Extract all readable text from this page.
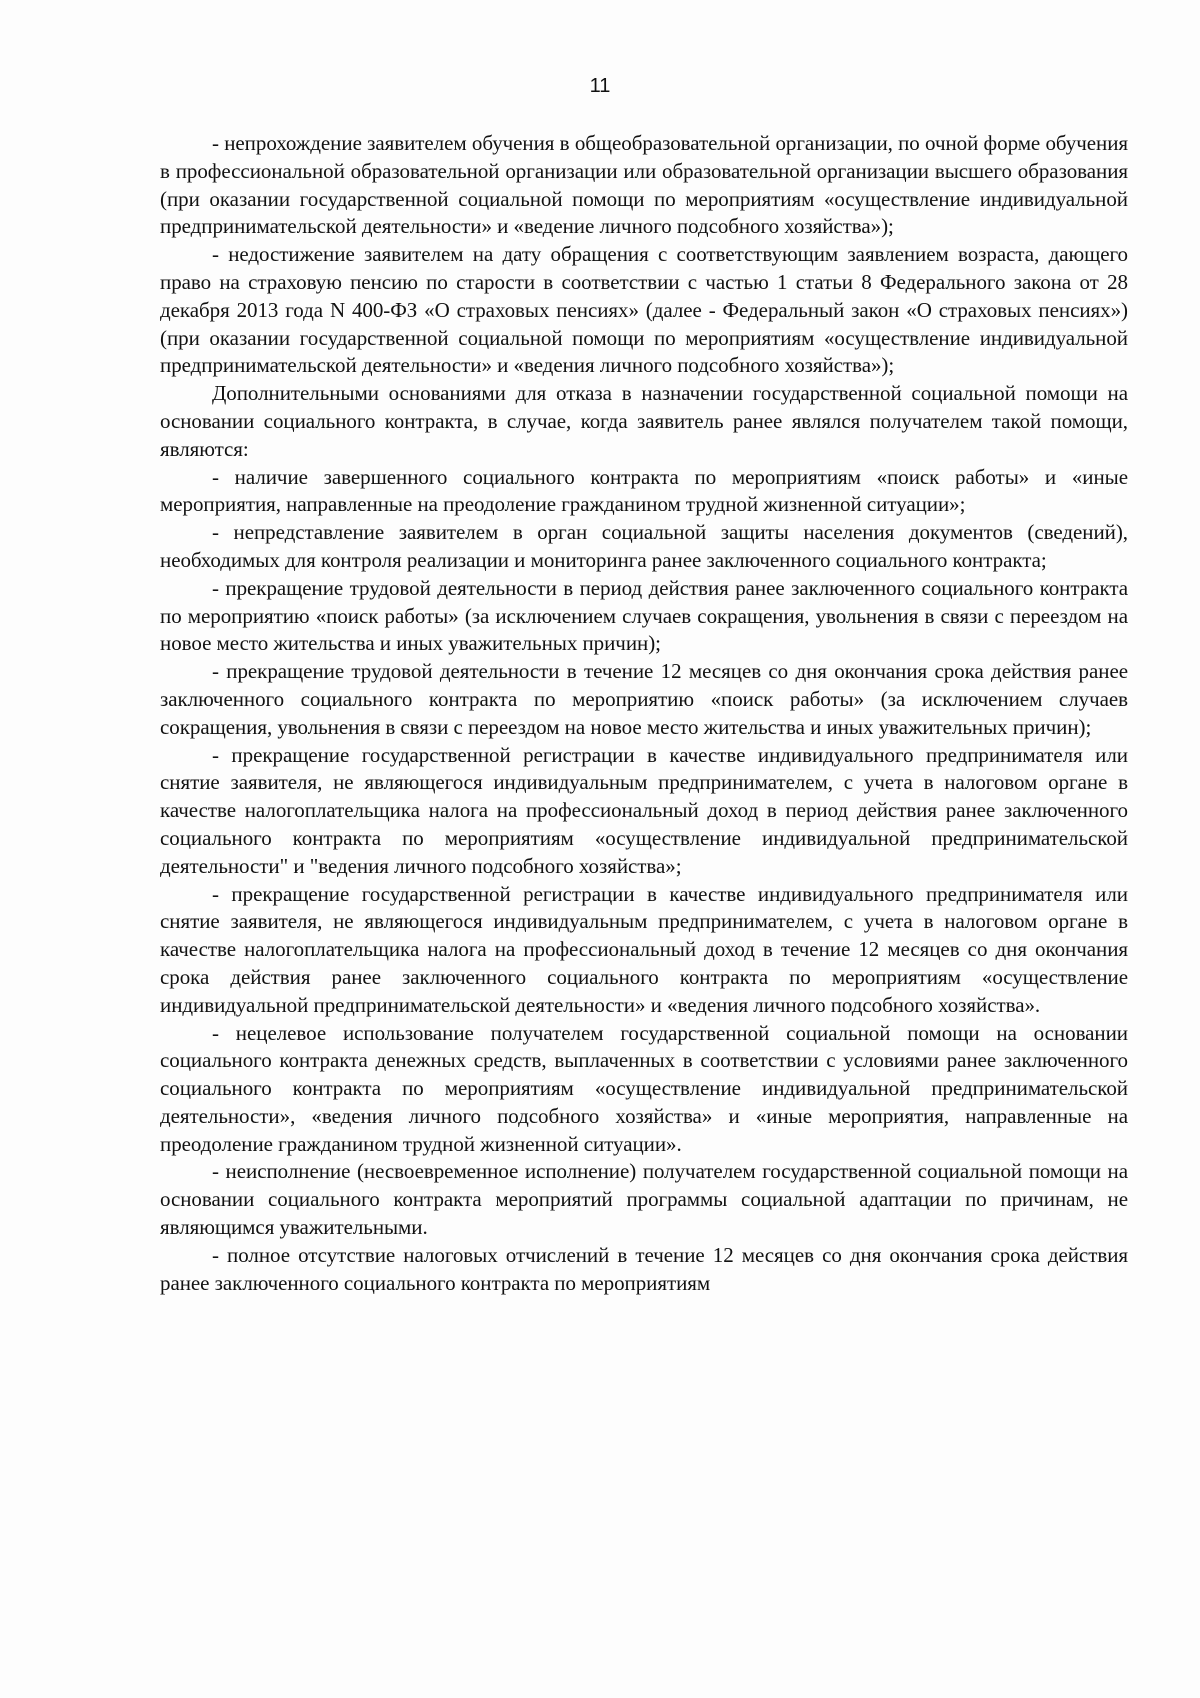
11

- непрохождение заявителем обучения в общеобразовательной организации, по очной форме обучения в профессиональной образовательной организации или образовательной организации высшего образования (при оказании государственной социальной помощи по мероприятиям «осуществление индивидуальной предпринимательской деятельности» и «ведение личного подсобного хозяйства»);

- недостижение заявителем на дату обращения с соответствующим заявлением возраста, дающего право на страховую пенсию по старости в соответствии с частью 1 статьи 8 Федерального закона от 28 декабря 2013 года N 400-ФЗ «О страховых пенсиях» (далее - Федеральный закон «О страховых пенсиях») (при оказании государственной социальной помощи по мероприятиям «осуществление индивидуальной предпринимательской деятельности» и «ведения личного подсобного хозяйства»);

Дополнительными основаниями для отказа в назначении государственной социальной помощи на основании социального контракта, в случае, когда заявитель ранее являлся получателем такой помощи, являются:

- наличие завершенного социального контракта по мероприятиям «поиск работы» и «иные мероприятия, направленные на преодоление гражданином трудной жизненной ситуации»;

- непредставление заявителем в орган социальной защиты населения документов (сведений), необходимых для контроля реализации и мониторинга ранее заключенного социального контракта;

- прекращение трудовой деятельности в период действия ранее заключенного социального контракта по мероприятию «поиск работы» (за исключением случаев сокращения, увольнения в связи с переездом на новое место жительства и иных уважительных причин);

- прекращение трудовой деятельности в течение 12 месяцев со дня окончания срока действия ранее заключенного социального контракта по мероприятию «поиск работы» (за исключением случаев сокращения, увольнения в связи с переездом на новое место жительства и иных уважительных причин);

- прекращение государственной регистрации в качестве индивидуального предпринимателя или снятие заявителя, не являющегося индивидуальным предпринимателем, с учета в налоговом органе в качестве налогоплательщика налога на профессиональный доход в период действия ранее заключенного социального контракта по мероприятиям «осуществление индивидуальной предпринимательской деятельности" и "ведения личного подсобного хозяйства»;

- прекращение государственной регистрации в качестве индивидуального предпринимателя или снятие заявителя, не являющегося индивидуальным предпринимателем, с учета в налоговом органе в качестве налогоплательщика налога на профессиональный доход в течение 12 месяцев со дня окончания срока действия ранее заключенного социального контракта по мероприятиям «осуществление индивидуальной предпринимательской деятельности» и «ведения личного подсобного хозяйства».

- нецелевое использование получателем государственной социальной помощи на основании социального контракта денежных средств, выплаченных в соответствии с условиями ранее заключенного социального контракта по мероприятиям «осуществление индивидуальной предпринимательской деятельности», «ведения личного подсобного хозяйства» и «иные мероприятия, направленные на преодоление гражданином трудной жизненной ситуации».

- неисполнение (несвоевременное исполнение) получателем государственной социальной помощи на основании социального контракта мероприятий программы социальной адаптации по причинам, не являющимся уважительными.

- полное отсутствие налоговых отчислений в течение 12 месяцев со дня окончания срока действия ранее заключенного социального контракта по мероприятиям
